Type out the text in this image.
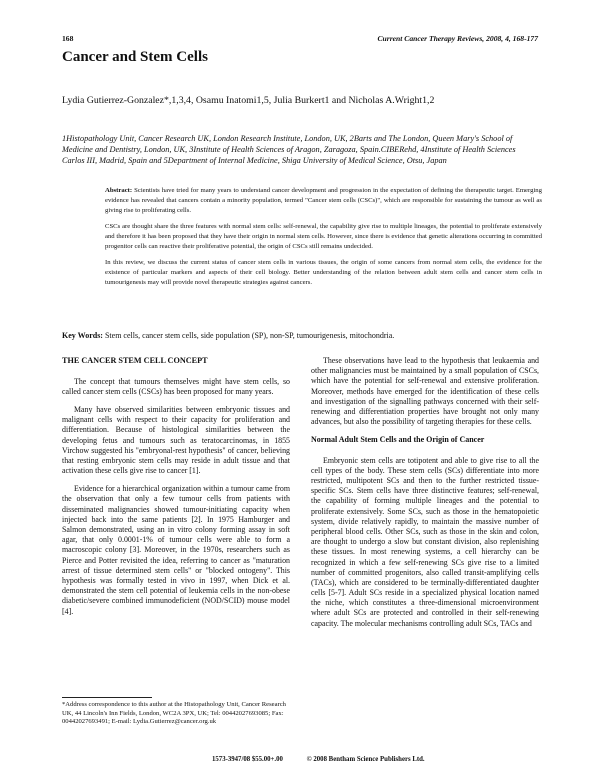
168	Current Cancer Therapy Reviews, 2008, 4, 168-177
Cancer and Stem Cells
Lydia Gutierrez-Gonzalez*,1,3,4, Osamu Inatomi1,5, Julia Burkert1 and Nicholas A.Wright1,2
1Histopathology Unit, Cancer Research UK, London Research Institute, London, UK, 2Barts and The London, Queen Mary's School of Medicine and Dentistry, London, UK, 3Institute of Health Sciences of Aragon, Zaragoza, Spain.CIBERehd, 4Institute of Health Sciences Carlos III, Madrid, Spain and 5Department of Internal Medicine, Shiga University of Medical Science, Otsu, Japan

Abstract: Scientists have tried for many years to understand cancer development and progression in the expectation of defining the therapeutic target. Emerging evidence has revealed that cancers contain a minority population, termed "Cancer stem cells (CSCs)", which are responsible for sustaining the tumour as well as giving rise to proliferating cells.

CSCs are thought share the three features with normal stem cells: self-renewal, the capability give rise to multiple lineages, the potential to proliferate extensively and therefore it has been proposed that they have their origin in normal stem cells. However, since there is evidence that genetic alterations occurring in committed progenitor cells can reactive their proliferative potential, the origin of CSCs still remains undecided.

In this review, we discuss the current status of cancer stem cells in various tissues, the origin of some cancers from normal stem cells, the evidence for the existence of particular markers and aspects of their cell biology. Better understanding of the relation between adult stem cells and cancer stem cells in tumourigenesis may will provide novel therapeutic strategies against cancers.

Key Words: Stem cells, cancer stem cells, side population (SP), non-SP, tumourigenesis, mitochondria.
THE CANCER STEM CELL CONCEPT

The concept that tumours themselves might have stem cells, so called cancer stem cells (CSCs) has been proposed for many years.

Many have observed similarities between embryonic tissues and malignant cells with respect to their capacity for proliferation and differentiation. Because of histological similarities between the developing fetus and tumours such as teratocarcinomas, in 1855 Virchow suggested his "embryonal-rest hypothesis" of cancer, believing that resting embryonic stem cells may reside in adult tissue and that activation these cells give rise to cancer [1].

Evidence for a hierarchical organization within a tumour came from the observation that only a few tumour cells from patients with disseminated malignancies showed tumour-initiating capacity when injected back into the same patients [2]. In 1975 Hamburger and Salmon demonstrated, using an in vitro colony forming assay in soft agar, that only 0.0001-1% of tumour cells were able to form a macroscopic colony [3]. Moreover, in the 1970s, researchers such as Pierce and Potter revisited the idea, referring to cancer as "maturation arrest of tissue determined stem cells" or "blocked ontogeny". This hypothesis was formally tested in vivo in 1997, when Dick et al. demonstrated the stem cell potential of leukemia cells in the non-obese diabetic/severe combined immunodeficient (NOD/SCID) mouse model [4].

These observations have lead to the hypothesis that leukaemia and other malignancies must be maintained by a small population of CSCs, which have the potential for self-renewal and extensive proliferation. Moreover, methods have emerged for the identification of these cells and investigation of the signalling pathways concerned with their self-renewing and differentiation properties have brought not only many advances, but also the possibility of targeting therapies for these cells.

Normal Adult Stem Cells and the Origin of Cancer

Embryonic stem cells are totipotent and able to give rise to all the cell types of the body. These stem cells (SCs) differentiate into more restricted, multipotent SCs and then to the further restricted tissue-specific SCs. Stem cells have three distinctive features; self-renewal, the capability of forming multiple lineages and the potential to proliferate extensively. Some SCs, such as those in the hematopoietic system, divide relatively rapidly, to maintain the massive number of peripheral blood cells. Other SCs, such as those in the skin and colon, are thought to undergo a slow but constant division, also replenishing these tissues. In most renewing systems, a cell hierarchy can be recognized in which a few self-renewing SCs give rise to a limited number of committed progenitors, also called transit-amplifying cells (TACs), which are considered to be terminally-differentiated daughter cells [5-7]. Adult SCs reside in a specialized physical location named the niche, which constitutes a three-dimensional microenvironment where adult SCs are protected and controlled in their self-renewing capacity. The molecular mechanisms controlling adult SCs, TACs and

*Address correspondence to this author at the Histopathology Unit, Cancer Research UK, 44 Lincoln's Inn Fields, London, WC2A 3PX, UK; Tel: 00442027693085; Fax: 00442027693491; E-mail: Lydia.Gutierrez@cancer.org.uk
1573-3947/08 $55.00+.00	© 2008 Bentham Science Publishers Ltd.
